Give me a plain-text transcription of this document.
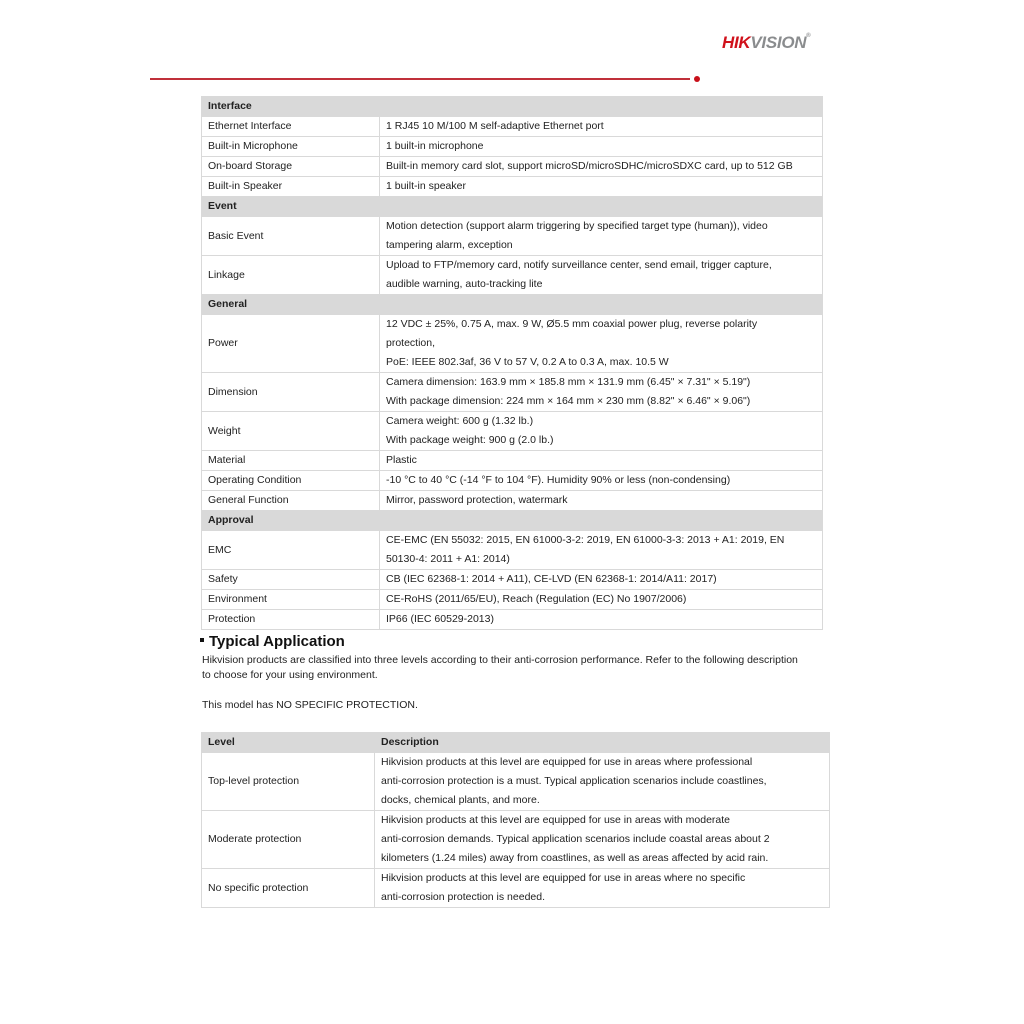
HIKVISION®
Interface	
Ethernet Interface	1 RJ45 10 M/100 M self-adaptive Ethernet port

Built-in Microphone	1 built-in microphone

On-board Storage	Built-in memory card slot, support microSD/microSDHC/microSDXC card, up to 512 GB

Built-in Speaker	1 built-in speaker

Event	
Basic Event	Motion detection (support alarm triggering by specified target type (human)), video
tampering alarm, exception

Linkage	Upload to FTP/memory card, notify surveillance center, send email, trigger capture,
audible warning, auto-tracking lite

General	
Power	12 VDC ± 25%, 0.75 A, max. 9 W, Ø5.5 mm coaxial power plug, reverse polarity
protection,
PoE: IEEE 802.3af, 36 V to 57 V, 0.2 A to 0.3 A, max. 10.5 W

Dimension	Camera dimension: 163.9 mm × 185.8 mm × 131.9 mm (6.45" × 7.31" × 5.19")
With package dimension: 224 mm × 164 mm × 230 mm (8.82" × 6.46" × 9.06")

Weight	Camera weight: 600 g (1.32 lb.)
With package weight: 900 g (2.0 lb.)

Material	Plastic

Operating Condition	-10 °C to 40 °C (-14 °F to 104 °F). Humidity 90% or less (non-condensing)

General Function	Mirror, password protection, watermark

Approval	
EMC	CE-EMC (EN 55032: 2015, EN 61000-3-2: 2019, EN 61000-3-3: 2013 + A1: 2019, EN
50130-4: 2011 + A1: 2014)

Safety	CB (IEC 62368-1: 2014 + A11), CE-LVD (EN 62368-1: 2014/A11: 2017)

Environment	CE-RoHS (2011/65/EU), Reach (Regulation (EC) No 1907/2006)

Protection	IP66 (IEC 60529-2013)
Typical Application
Hikvision products are classified into three levels according to their anti-corrosion performance. Refer to the following description to choose for your using environment.
This model has NO SPECIFIC PROTECTION.
Level	Description
Top-level protection	Hikvision products at this level are equipped for use in areas where professional
anti-corrosion protection is a must. Typical application scenarios include coastlines,
docks, chemical plants, and more.

Moderate protection	Hikvision products at this level are equipped for use in areas with moderate
anti-corrosion demands. Typical application scenarios include coastal areas about 2
kilometers (1.24 miles) away from coastlines, as well as areas affected by acid rain.

No specific protection	Hikvision products at this level are equipped for use in areas where no specific
anti-corrosion protection is needed.
